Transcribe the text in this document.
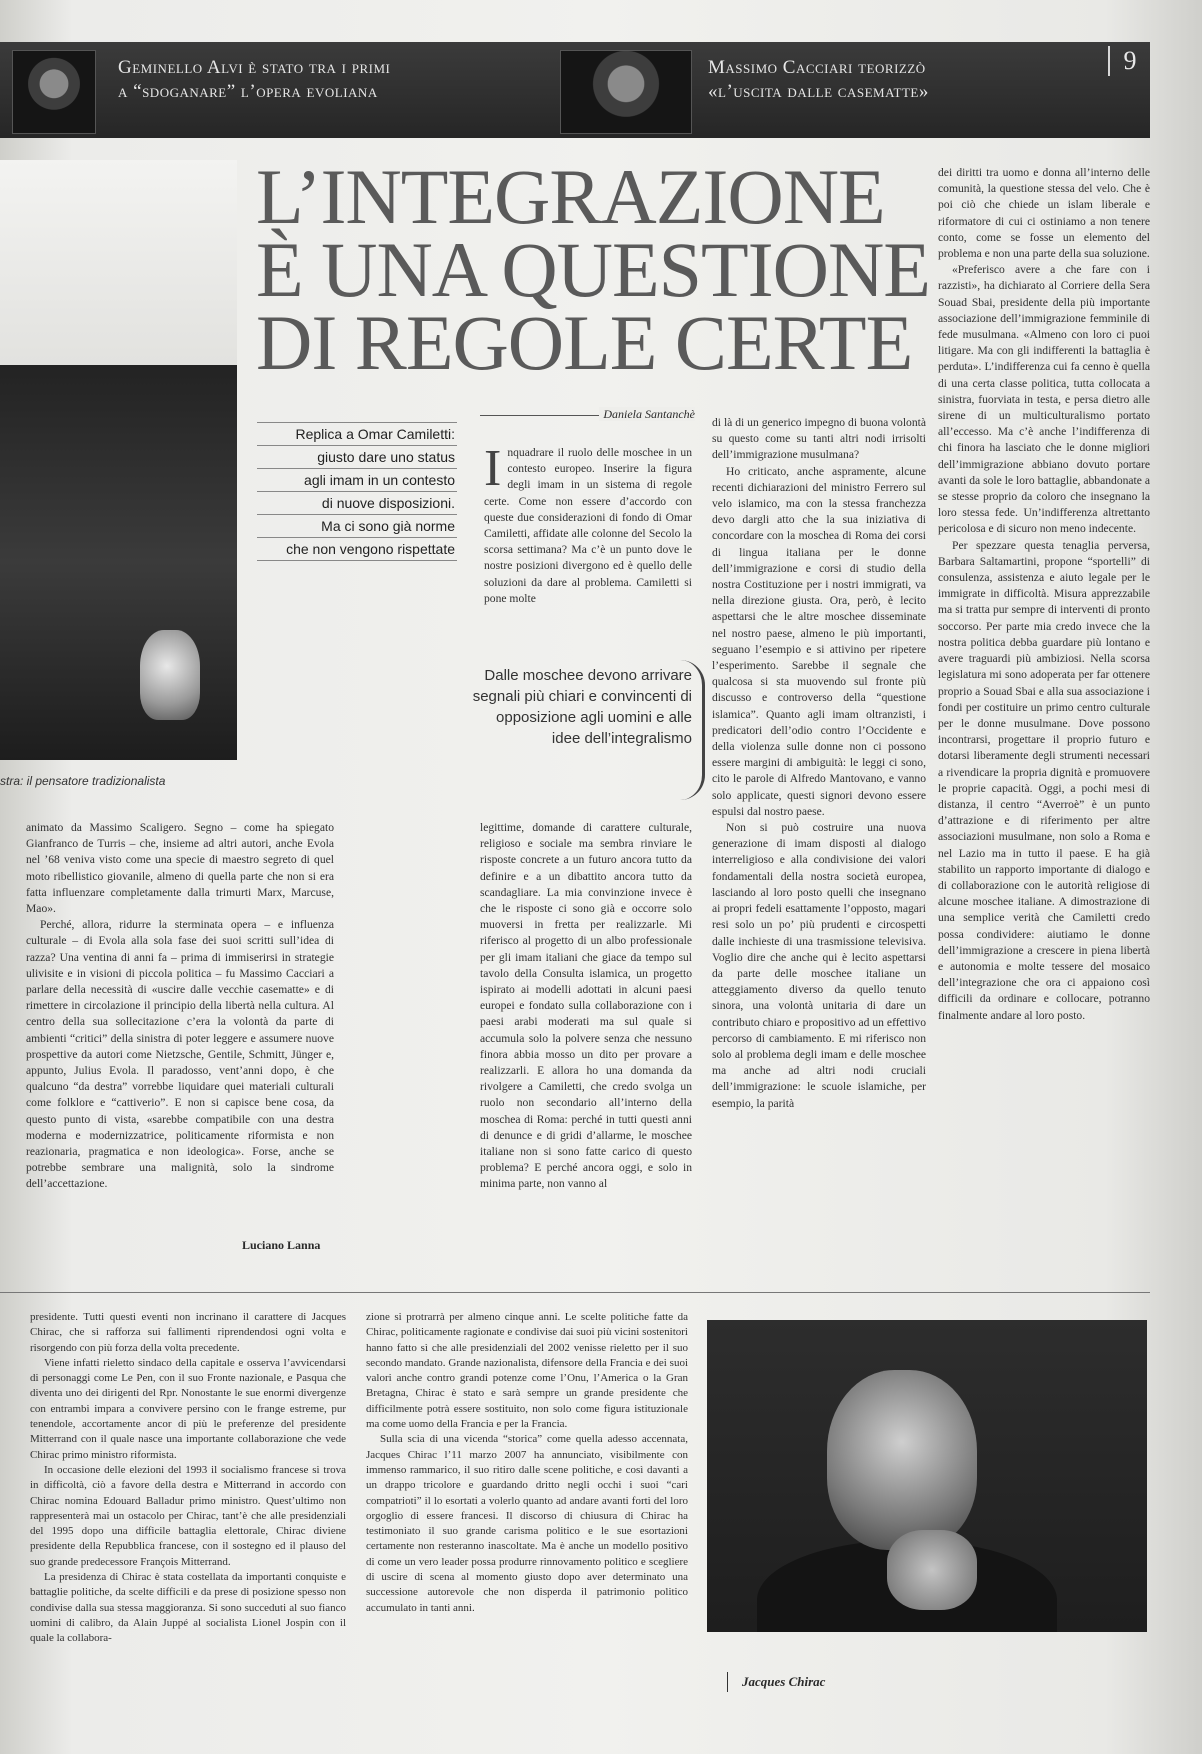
Geminello Alvi è stato tra i primi
a “sdoganare” l’opera evoliana
Massimo Cacciari teorizzò
«l’uscita dalle casematte»
9
stra: il pensatore tradizionalista
L’INTEGRAZIONE
È UNA QUESTIONE
DI REGOLE CERTE
Replica a Omar Camiletti:
giusto dare uno status
agli imam in un contesto
di nuove disposizioni.
Ma ci sono già norme
che non vengono rispettate
Daniela Santanchè

Inquadrare il ruolo delle moschee in un contesto europeo. Inserire la figura degli imam in un sistema di regole certe. Come non essere d’accordo con queste due considerazioni di fondo di Omar Camiletti, affidate alle colonne del Secolo la scorsa settimana? Ma c’è un punto dove le nostre posizioni divergono ed è quello delle soluzioni da dare al problema. Camiletti si pone molte

Dalle moschee devono arrivare segnali più chiari e convincenti di opposizione agli uomini e alle idee dell’integralismo

legittime, domande di carattere culturale, religioso e sociale ma sembra rinviare le risposte concrete a un futuro ancora tutto da definire e a un dibattito ancora tutto da scandagliare. La mia convinzione invece è che le risposte ci sono già e occorre solo muoversi in fretta per realizzarle. Mi riferisco al progetto di un albo professionale per gli imam italiani che giace da tempo sul tavolo della Consulta islamica, un progetto ispirato ai modelli adottati in alcuni paesi europei e fondato sulla collaborazione con i paesi arabi moderati ma sul quale si accumula solo la polvere senza che nessuno finora abbia mosso un dito per provare a realizzarli. E allora ho una domanda da rivolgere a Camiletti, che credo svolga un ruolo non secondario all’interno della moschea di Roma: perché in tutti questi anni di denunce e di gridi d’allarme, le moschee italiane non si sono fatte carico di questo problema? E perché ancora oggi, e solo in minima parte, non vanno al

di là di un generico impegno di buona volontà su questo come su tanti altri nodi irrisolti dell’immigrazione musulmana?

Ho criticato, anche aspramente, alcune recenti dichiarazioni del ministro Ferrero sul velo islamico, ma con la stessa franchezza devo dargli atto che la sua iniziativa di concordare con la moschea di Roma dei corsi di lingua italiana per le donne dell’immigrazione e corsi di studio della nostra Costituzione per i nostri immigrati, va nella direzione giusta. Ora, però, è lecito aspettarsi che le altre moschee disseminate nel nostro paese, almeno le più importanti, seguano l’esempio e si attivino per ripetere l’esperimento. Sarebbe il segnale che qualcosa si sta muovendo sul fronte più discusso e controverso della “questione islamica”. Quanto agli imam oltranzisti, i predicatori dell’odio contro l’Occidente e della violenza sulle donne non ci possono essere margini di ambiguità: le leggi ci sono, cito le parole di Alfredo Mantovano, e vanno solo applicate, questi signori devono essere espulsi dal nostro paese.

Non si può costruire una nuova generazione di imam disposti al dialogo interreligioso e alla condivisione dei valori fondamentali della nostra società europea, lasciando al loro posto quelli che insegnano ai propri fedeli esattamente l’opposto, magari resi solo un po’ più prudenti e circospetti dalle inchieste di una trasmissione televisiva. Voglio dire che anche qui è lecito aspettarsi da parte delle moschee italiane un atteggiamento diverso da quello tenuto sinora, una volontà unitaria di dare un contributo chiaro e propositivo ad un effettivo percorso di cambiamento. E mi riferisco non solo al problema degli imam e delle moschee ma anche ad altri nodi cruciali dell’immigrazione: le scuole islamiche, per esempio, la parità

dei diritti tra uomo e donna all’interno delle comunità, la questione stessa del velo. Che è poi ciò che chiede un islam liberale e riformatore di cui ci ostiniamo a non tenere conto, come se fosse un elemento del problema e non una parte della sua soluzione.

«Preferisco avere a che fare con i razzisti», ha dichiarato al Corriere della Sera Souad Sbai, presidente della più importante associazione dell’immigrazione femminile di fede musulmana. «Almeno con loro ci puoi litigare. Ma con gli indifferenti la battaglia è perduta». L’indifferenza cui fa cenno è quella di una certa classe politica, tutta collocata a sinistra, fuorviata in testa, e persa dietro alle sirene di un multiculturalismo portato all’eccesso. Ma c’è anche l’indifferenza di chi finora ha lasciato che le donne migliori dell’immigrazione abbiano dovuto portare avanti da sole le loro battaglie, abbandonate a se stesse proprio da coloro che insegnano la loro stessa fede. Un’indifferenza altrettanto pericolosa e di sicuro non meno indecente.

Per spezzare questa tenaglia perversa, Barbara Saltamartini, propone “sportelli” di consulenza, assistenza e aiuto legale per le immigrate in difficoltà. Misura apprezzabile ma si tratta pur sempre di interventi di pronto soccorso. Per parte mia credo invece che la nostra politica debba guardare più lontano e avere traguardi più ambiziosi. Nella scorsa legislatura mi sono adoperata per far ottenere proprio a Souad Sbai e alla sua associazione i fondi per costituire un primo centro culturale per le donne musulmane. Dove possono incontrarsi, progettare il proprio futuro e dotarsi liberamente degli strumenti necessari a rivendicare la propria dignità e promuovere le proprie capacità. Oggi, a pochi mesi di distanza, il centro “Averroè” è un punto d’attrazione e di riferimento per altre associazioni musulmane, non solo a Roma e nel Lazio ma in tutto il paese. E ha già stabilito un rapporto importante di dialogo e di collaborazione con le autorità religiose di alcune moschee italiane. A dimostrazione di una semplice verità che Camiletti credo possa condividere: aiutiamo le donne dell’immigrazione a crescere in piena libertà e autonomia e molte tessere del mosaico dell’integrazione che ora ci appaiono così difficili da ordinare e collocare, potranno finalmente andare al loro posto.

animato da Massimo Scaligero. Segno – come ha spiegato Gianfranco de Turris – che, insieme ad altri autori, anche Evola nel ’68 veniva visto come una specie di maestro segreto di quel moto ribellistico giovanile, almeno di quella parte che non si era fatta influenzare completamente dalla trimurti Marx, Marcuse, Mao».

Perché, allora, ridurre la sterminata opera – e influenza culturale – di Evola alla sola fase dei suoi scritti sull’idea di razza? Una ventina di anni fa – prima di immiserirsi in strategie ulivisite e in visioni di piccola politica – fu Massimo Cacciari a parlare della necessità di «uscire dalle vecchie casematte» e di rimettere in circolazione il principio della libertà nella cultura. Al centro della sua sollecitazione c’era la volontà da parte di ambienti “critici” della sinistra di poter leggere e assumere nuove prospettive da autori come Nietzsche, Gentile, Schmitt, Jünger e, appunto, Julius Evola. Il paradosso, vent’anni dopo, è che qualcuno “da destra” vorrebbe liquidare quei materiali culturali come folklore e “cattiverio”. E non si capisce bene cosa, da questo punto di vista, «sarebbe compatibile con una destra moderna e modernizzatrice, politicamente riformista e non reazionaria, pragmatica e non ideologica». Forse, anche se potrebbe sembrare una malignità, solo la sindrome dell’accettazione.

Luciano Lanna

presidente. Tutti questi eventi non incrinano il carattere di Jacques Chirac, che si rafforza sui fallimenti riprendendosi ogni volta e risorgendo con più forza della volta precedente.

Viene infatti rieletto sindaco della capitale e osserva l’avvicendarsi di personaggi come Le Pen, con il suo Fronte nazionale, e Pasqua che diventa uno dei dirigenti del Rpr. Nonostante le sue enormi divergenze con entrambi impara a convivere persino con le frange estreme, pur tenendole, accortamente ancor di più le preferenze del presidente Mitterrand con il quale nasce una importante collaborazione che vede Chirac primo ministro riformista.

In occasione delle elezioni del 1993 il socialismo francese si trova in difficoltà, ciò a favore della destra e Mitterrand in accordo con Chirac nomina Edouard Balladur primo ministro. Quest’ultimo non rappresenterà mai un ostacolo per Chirac, tant’è che alle presidenziali del 1995 dopo una difficile battaglia elettorale, Chirac diviene presidente della Repubblica francese, con il sostegno ed il plauso del suo grande predecessore François Mitterrand.

La presidenza di Chirac è stata costellata da importanti conquiste e battaglie politiche, da scelte difficili e da prese di posizione spesso non condivise dalla sua stessa maggioranza. Si sono succeduti al suo fianco uomini di calibro, da Alain Juppé al socialista Lionel Jospin con il quale la collabora-

zione si protrarrà per almeno cinque anni. Le scelte politiche fatte da Chirac, politicamente ragionate e condivise dai suoi più vicini sostenitori hanno fatto sì che alle presidenziali del 2002 venisse rieletto per il suo secondo mandato. Grande nazionalista, difensore della Francia e dei suoi valori anche contro grandi potenze come l’Onu, l’America o la Gran Bretagna, Chirac è stato e sarà sempre un grande presidente che difficilmente potrà essere sostituito, non solo come figura istituzionale ma come uomo della Francia e per la Francia.

Sulla scia di una vicenda “storica” come quella adesso accennata, Jacques Chirac l’11 marzo 2007 ha annunciato, visibilmente con immenso rammarico, il suo ritiro dalle scene politiche, e così davanti a un drappo tricolore e guardando dritto negli occhi i suoi “cari compatrioti” il lo esortati a volerlo quanto ad andare avanti forti del loro orgoglio di essere francesi. Il discorso di chiusura di Chirac ha testimoniato il suo grande carisma politico e le sue esortazioni certamente non resteranno inascoltate. Ma è anche un modello positivo di come un vero leader possa produrre rinnovamento politico e scegliere di uscire di scena al momento giusto dopo aver determinato una successione autorevole che non disperda il patrimonio politico accumulato in tanti anni.

Jacques Chirac
